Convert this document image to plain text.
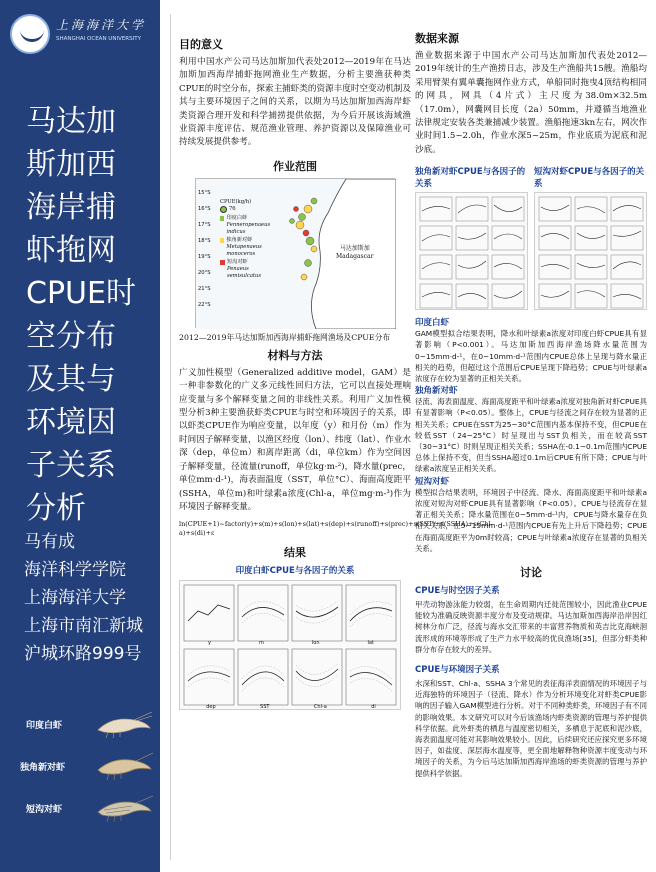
上海海洋大学
SHANGHAI OCEAN UNIVERSITY
马达加斯加西海岸捕虾拖网CPUE时空分布及其与环境因子关系分析
马有成
海洋科学学院
上海海洋大学
上海市南汇新城沪城环路999号
印度白虾
独角新对虾
短沟对虾
目的意义

利用中国水产公司马达加斯加代表处2012—2019年在马达加斯加西海岸捕虾拖网渔业生产数据，分析主要渔获种类CPUE的时空分布，探索主捕虾类的资源丰度时空变动机制及其与主要环境因子之间的关系，以期为马达加斯加西海岸虾类资源合理开发和科学捕捞提供依据，为今后开展该海域渔业资源丰度评估、规范渔业管理、养护资源以及保障渔业可持续发展提供参考。

作业范围
15°S
16°S
17°S
18°S
19°S
20°S
21°S
22°S
CPUE(kg/h)
76
印度白虾
Fenneropenaeus indicus
独角新对虾
Metapenaeus monoceros
短沟对虾
Penaeus semisulcatus
马达加斯加
Madagascar
2012—2019年马达加斯加西海岸捕虾拖网渔场及CPUE分布
材料与方法

广义加性模型（Generalized additive model，GAM）是一种非参数化的广义多元线性回归方法，它可以直接处理响应变量与多个解释变量之间的非线性关系。利用广义加性模型分析3种主要渔获虾类CPUE与时空和环境因子的关系，即以虾类CPUE作为响应变量，以年度（y）和月份（m）作为时间因子解释变量，以渔区经度（lon）、纬度（lat）、作业水深（dep，单位m）和离岸距离（di，单位km）作为空间因子解释变量，径流量(runoff，单位kg·m-²)，降水量(prec，单位mm·d-¹)，海表面温度（SST，单位°C）、海面高度距平(SSHA，单位m)和叶绿素a浓度(Chl-a，单位mg·m-³)作为环境因子解释变量。

ln(CPUE+1)~factor(y)+s(m)+s(lon)+s(lat)+s(dep)+s(runoff)+s(prec)+s(SST)+s(SSHA)+s(Chl-a)+s(di)+ε
结果
印度白虾CPUE与各因子的关系
y	m	lon	lat
dep	SST	Chl-a	di
数据来源

渔业数据来源于中国水产公司马达加斯加代表处2012—2019年统计的生产渔捞日志，涉及生产渔船共15艘。渔船均采用臂架有翼单囊拖网作业方式，单船同时拖曳4顶结构相同的网具，网具（4片式）主尺度为38.0m×32.5m（17.0m），网囊网目长度（2a）50mm，并遵循当地渔业法律规定安装各类兼捕减少装置。渔船拖速3kn左右，网次作业时间1.5~2.0h，作业水深5~25m，作业底质为泥底和泥沙底。

独角新对虾CPUE与各因子的关系
短沟对虾CPUE与各因子的关系
印度白虾

GAM模型拟合结果表明，降水和叶绿素a浓度对印度白虾CPUE具有显著影响（P<0.001）。马达加斯加西海岸渔场降水量范围为0~15mm·d-¹，在0~10mm·d-¹范围内CPUE总体上呈现与降水量正相关的趋势，但超过这个范围后CPUE呈现下降趋势；CPUE与叶绿素a浓度存在较为显著的正相关关系。

独角新对虾

径流、海表面温度、海面高度距平和叶绿素a浓度对独角新对虾CPUE具有显著影响（P<0.05）。整体上，CPUE与径流之间存在较为显著的正相关关系；CPUE在SST为25~30°C范围内基本保持不变，但CPUE在较低SST（24~25°C）时呈现出与SST负相关，而在较高SST（30~31°C）时则呈现正相关关系；SSHA在-0.1~0.1m范围内CPUE总体上保持不变，但当SSHA超过0.1m后CPUE有所下降；CPUE与叶绿素a浓度呈正相关关系。

短沟对虾

模型拟合结果表明，环境因子中径流、降水、海面高度距平和叶绿素a浓度对短沟对虾CPUE具有显著影响（P<0.05）。CPUE与径流存在显著正相关关系；降水量范围在0~5mm·d-¹内，CPUE与降水量存在负相关关系，在5~15mm·d-¹范围内CPUE有先上升后下降趋势；CPUE在海面高度距平为0m时较高；CPUE与叶绿素a浓度存在显著的负相关关系。

讨论
CPUE与时空因子关系

甲壳动物游泳能力较弱，在生命周期内迁徙范围较小，因此渔业CPUE能较为准确反映资源丰度分布及变动规律。马达加斯加西海岸沿岸因红树林分布广泛，径流与海水交汇带来的丰富营养物质和英吉比克海峡洄流形成的环境等形成了生产力水平较高的优良渔场[35]，但部分虾类种群分布存在较大的差异。

CPUE与环境因子关系

水深和SST、Chl-a、SSHA 3个常见的表征海洋表面情况的环境因子与近海独特的环境因子（径流、降水）作为分析环境变化对虾类CPUE影响的因子输入GAM模型进行分析。对于不同种类虾类，环境因子有不同的影响效果。本文研究可以对今后该渔场内虾类资源的管理与养护提供科学依据。此外虾类的栖息与温度密切相关，多栖息于泥底和泥沙底，海表面温度可能对其影响效果较小。因此，后续研究还应探究更多环境因子，如盐度、深层海水温度等，更全面地解释物种资源丰度变动与环境因子的关系，为今后马达加斯加西海岸渔场的虾类资源的管理与养护提供科学依据。
